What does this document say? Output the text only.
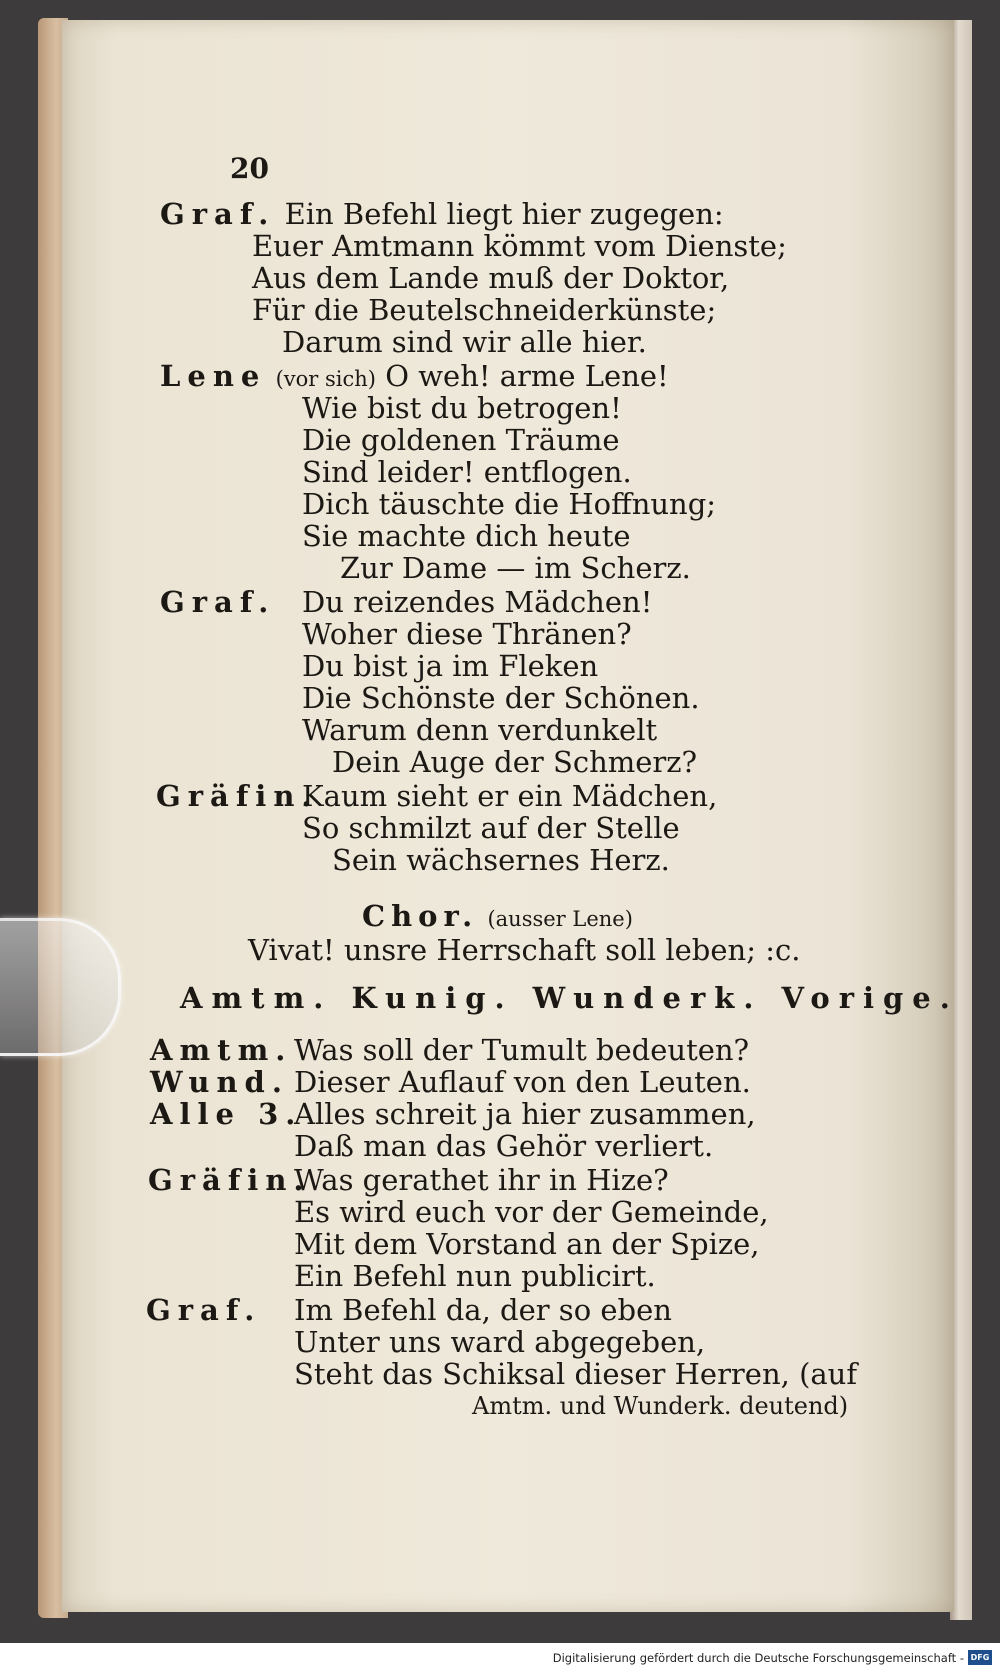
20
Graf. Ein Befehl liegt hier zugegen:
Euer Amtmann kömmt vom Dienste;
Aus dem Lande muß der Doktor,
Für die Beutelschneiderkünste;
Darum sind wir alle hier.
Lene (vor sich) O weh! arme Lene!
Wie bist du betrogen!
Die goldenen Träume
Sind leider! entflogen.
Dich täuschte die Hoffnung;
Sie machte dich heute
Zur Dame — im Scherz.
Graf. Du reizendes Mädchen!
Woher diese Thränen?
Du bist ja im Fleken
Die Schönste der Schönen.
Warum denn verdunkelt
Dein Auge der Schmerz?
Gräfin.
Kaum sieht er ein Mädchen,
So schmilzt auf der Stelle
Sein wächsernes Herz.
Chor. (ausser Lene)
Vivat! unsre Herrschaft soll leben; :c.
Amtm. Kunig. Wunderk. Vorige.
Amtm. Was soll der Tumult bedeuten?
Wund. Dieser Auflauf von den Leuten.
Alle 3.
Alles schreit ja hier zusammen,
Daß man das Gehör verliert.
Gräfin.
Was gerathet ihr in Hize?
Es wird euch vor der Gemeinde,
Mit dem Vorstand an der Spize,
Ein Befehl nun publicirt.
Graf. Im Befehl da, der so eben
Unter uns ward abgegeben,
Steht das Schiksal dieser Herren, (auf
Amtm. und Wunderk. deutend)
Digitalisierung gefördert durch die Deutsche Forschungsgemeinschaft - DFG
